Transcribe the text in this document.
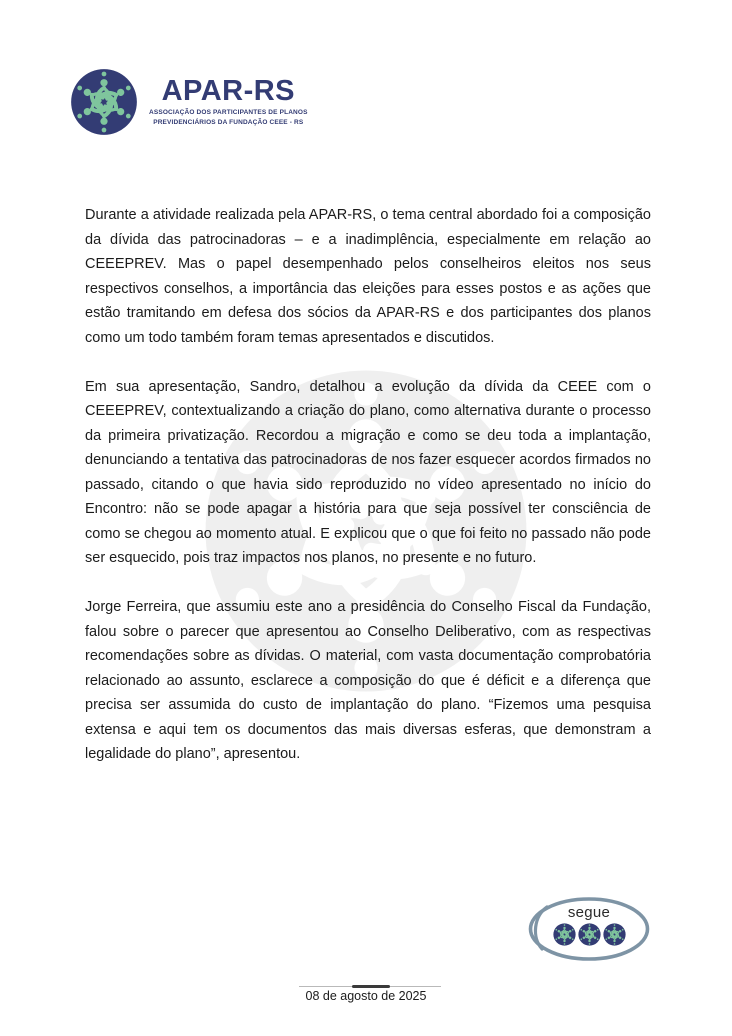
APAR-RS
ASSOCIAÇÃO DOS PARTICIPANTES DE PLANOS
PREVIDENCIÁRIOS DA FUNDAÇÃO CEEE - RS

Durante a atividade realizada pela APAR-RS, o tema central abordado foi a composição da dívida das patrocinadoras – e a inadimplência, especialmente em relação ao CEEEPREV. Mas o papel desempenhado pelos conselheiros eleitos nos seus respectivos conselhos, a importância das eleições para esses postos e as ações que estão tramitando em defesa dos sócios da APAR-RS e dos participantes dos planos como um todo também foram temas apresentados e discutidos.

Em sua apresentação, Sandro, detalhou a evolução da dívida da CEEE com o CEEEPREV, contextualizando a criação do plano, como alternativa durante o processo da primeira privatização. Recordou a migração e como se deu toda a implantação, denunciando a tentativa das patrocinadoras de nos fazer esquecer acordos firmados no passado, citando o que havia sido reproduzido no vídeo apresentado no início do Encontro: não se pode apagar a história para que seja possível ter consciência de como se chegou ao momento atual. E explicou que o que foi feito no passado não pode ser esquecido, pois traz impactos nos planos, no presente e no futuro.

Jorge Ferreira, que assumiu este ano a presidência do Conselho Fiscal da Fundação, falou sobre o parecer que apresentou ao Conselho Deliberativo, com as respectivas recomendações sobre as dívidas. O material, com vasta documentação comprobatória relacionado ao assunto, esclarece a composição do que é déficit e a diferença que precisa ser assumida do custo de implantação do plano. “Fizemos uma pesquisa extensa e aqui tem os documentos das mais diversas esferas, que demonstram a legalidade do plano”, apresentou.

segue
08 de agosto de 2025
